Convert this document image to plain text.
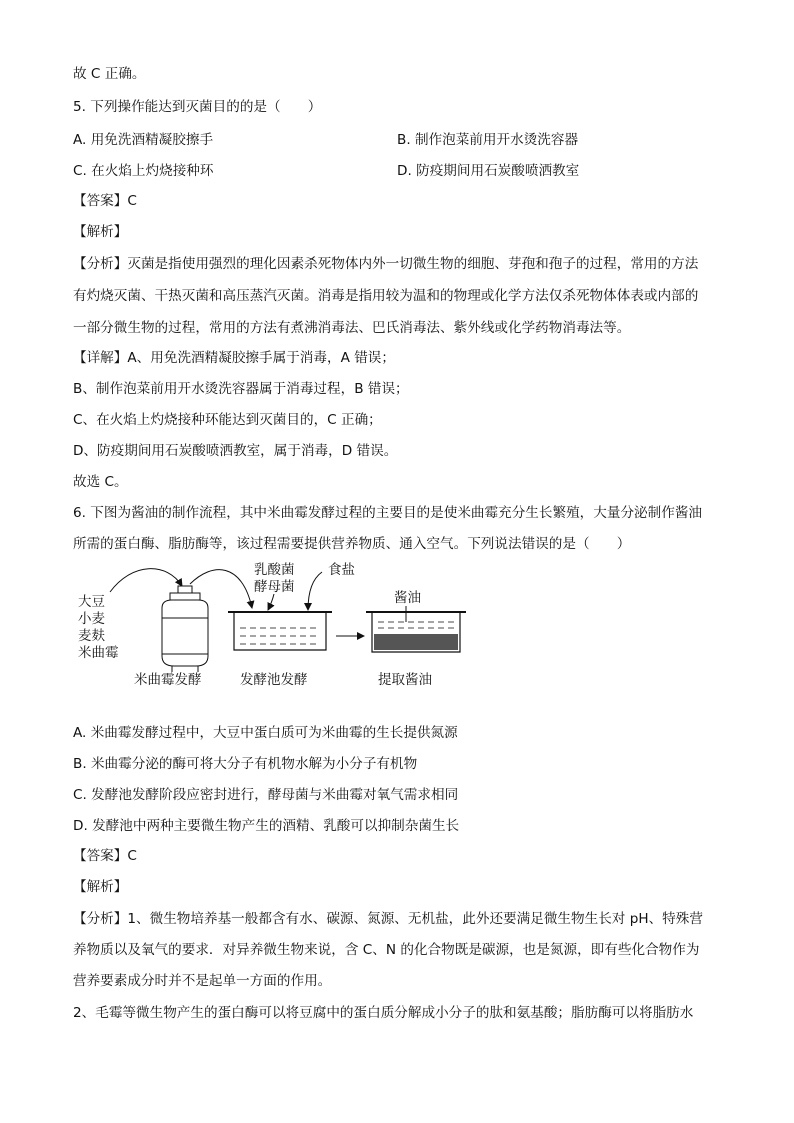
故 C 正确。
5. 下列操作能达到灭菌目的的是（　　）
A. 用免洗酒精凝胶擦手	B. 制作泡菜前用开水烫洗容器
C. 在火焰上灼烧接种环	D. 防疫期间用石炭酸喷洒教室
【答案】C
【解析】
【分析】灭菌是指使用强烈的理化因素杀死物体内外一切微生物的细胞、芽孢和孢子的过程，常用的方法
有灼烧灭菌、干热灭菌和高压蒸汽灭菌。消毒是指用较为温和的物理或化学方法仅杀死物体体表或内部的
一部分微生物的过程，常用的方法有煮沸消毒法、巴氏消毒法、紫外线或化学药物消毒法等。
【详解】A、用免洗酒精凝胶擦手属于消毒，A 错误；
B、制作泡菜前用开水烫洗容器属于消毒过程，B 错误；
C、在火焰上灼烧接种环能达到灭菌目的，C 正确；
D、防疫期间用石炭酸喷洒教室，属于消毒，D 错误。
故选 C。
6. 下图为酱油的制作流程，其中米曲霉发酵过程的主要目的是使米曲霉充分生长繁殖，大量分泌制作酱油
所需的蛋白酶、脂肪酶等，该过程需要提供营养物质、通入空气。下列说法错误的是（　　）
大豆
小麦
麦麸
米曲霉
乳酸菌
酵母菌
食盐
酱油
米曲霉发酵	发酵池发酵	提取酱油
A. 米曲霉发酵过程中，大豆中蛋白质可为米曲霉的生长提供氮源
B. 米曲霉分泌的酶可将大分子有机物水解为小分子有机物
C. 发酵池发酵阶段应密封进行，酵母菌与米曲霉对氧气需求相同
D. 发酵池中两种主要微生物产生的酒精、乳酸可以抑制杂菌生长
【答案】C
【解析】
【分析】1、微生物培养基一般都含有水、碳源、氮源、无机盐，此外还要满足微生物生长对 pH、特殊营
养物质以及氧气的要求．对异养微生物来说，含 C、N 的化合物既是碳源，也是氮源，即有些化合物作为
营养要素成分时并不是起单一方面的作用。
2、毛霉等微生物产生的蛋白酶可以将豆腐中的蛋白质分解成小分子的肽和氨基酸；脂肪酶可以将脂肪水
